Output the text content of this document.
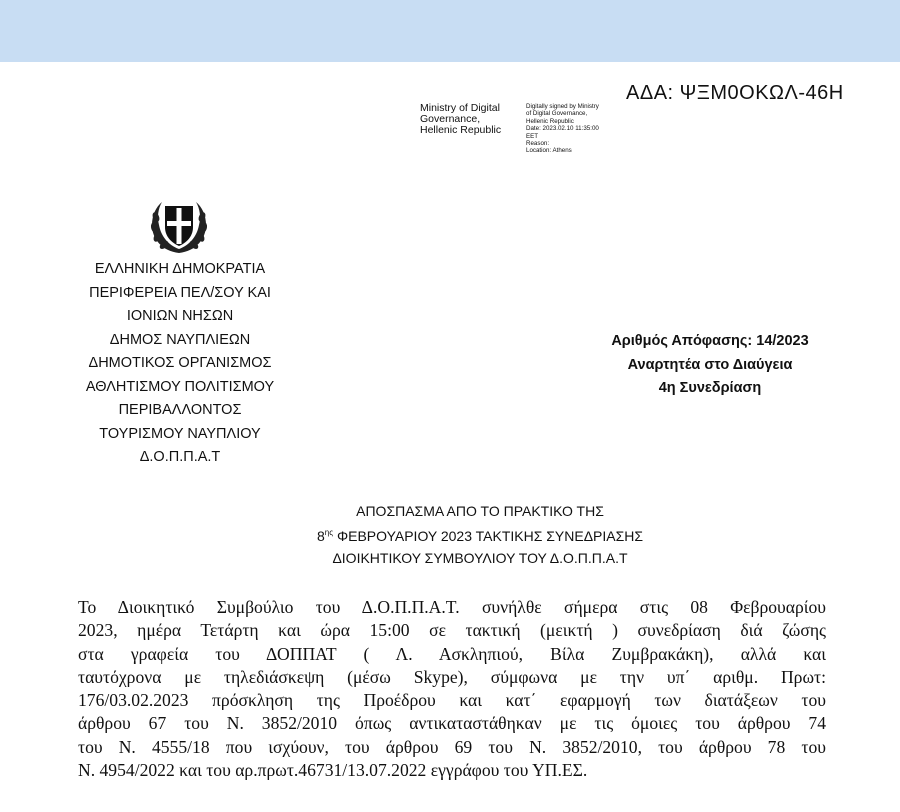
ΑΔΑ: ΨΞΜ0ΟΚΩΛ-46Η
Ministry of Digital
Governance,
Hellenic Republic
Digitally signed by Ministry
of Digital Governance,
Hellenic Republic
Date: 2023.02.10 11:35:00
EET
Reason:
Location: Athens
ΕΛΛΗΝΙΚΗ ΔΗΜΟΚΡΑΤΙΑ
ΠΕΡΙΦΕΡΕΙΑ ΠΕΛ/ΣΟΥ ΚΑΙ
ΙΟΝΙΩΝ ΝΗΣΩΝ
ΔΗΜΟΣ ΝΑΥΠΛΙΕΩΝ
ΔΗΜΟΤΙΚΟΣ ΟΡΓΑΝΙΣΜΟΣ
ΑΘΛΗΤΙΣΜΟΥ ΠΟΛΙΤΙΣΜΟΥ
ΠΕΡΙΒΑΛΛΟΝΤΟΣ
ΤΟΥΡΙΣΜΟΥ ΝΑΥΠΛΙΟΥ
Δ.Ο.Π.Π.Α.Τ
Αριθμός Απόφασης: 14/2023
Αναρτητέα στο Διαύγεια
4η Συνεδρίαση
ΑΠΟΣΠΑΣΜΑ ΑΠΟ ΤΟ ΠΡΑΚΤΙΚΟ ΤΗΣ
$8^{\eta\varsigma}$ ΦΕΒΡΟΥΑΡΙΟΥ 2023 ΤΑΚΤΙΚΗΣ ΣΥΝΕΔΡΙΑΣΗΣ
ΔΙΟΙΚΗΤΙΚΟΥ ΣΥΜΒΟΥΛΙΟΥ ΤΟΥ Δ.Ο.Π.Π.Α.Τ
Το Διοικητικό Συμβούλιο του Δ.Ο.Π.Π.Α.Τ. συνήλθε σήμερα στις 08 Φεβρουαρίου
2023, ημέρα Τετάρτη και ώρα 15:00 σε τακτική (μεικτή ) συνεδρίαση διά ζώσης
στα γραφεία του ΔΟΠΠΑΤ ( Λ. Ασκληπιού, Βίλα Ζυμβρακάκη), αλλά και
ταυτόχρονα με τηλεδιάσκεψη (μέσω Skype), σύμφωνα με την υπ΄ αριθμ. Πρωτ:
176/03.02.2023 πρόσκληση της Προέδρου και κατ΄ εφαρμογή των διατάξεων του
άρθρου 67 του Ν. 3852/2010 όπως αντικαταστάθηκαν με τις όμοιες του άρθρου 74
του Ν. 4555/18 που ισχύουν, του άρθρου 69 του Ν. 3852/2010, του άρθρου 78 του
Ν. 4954/2022 και του αρ.πρωτ.46731/13.07.2022 εγγράφου του ΥΠ.ΕΣ.
